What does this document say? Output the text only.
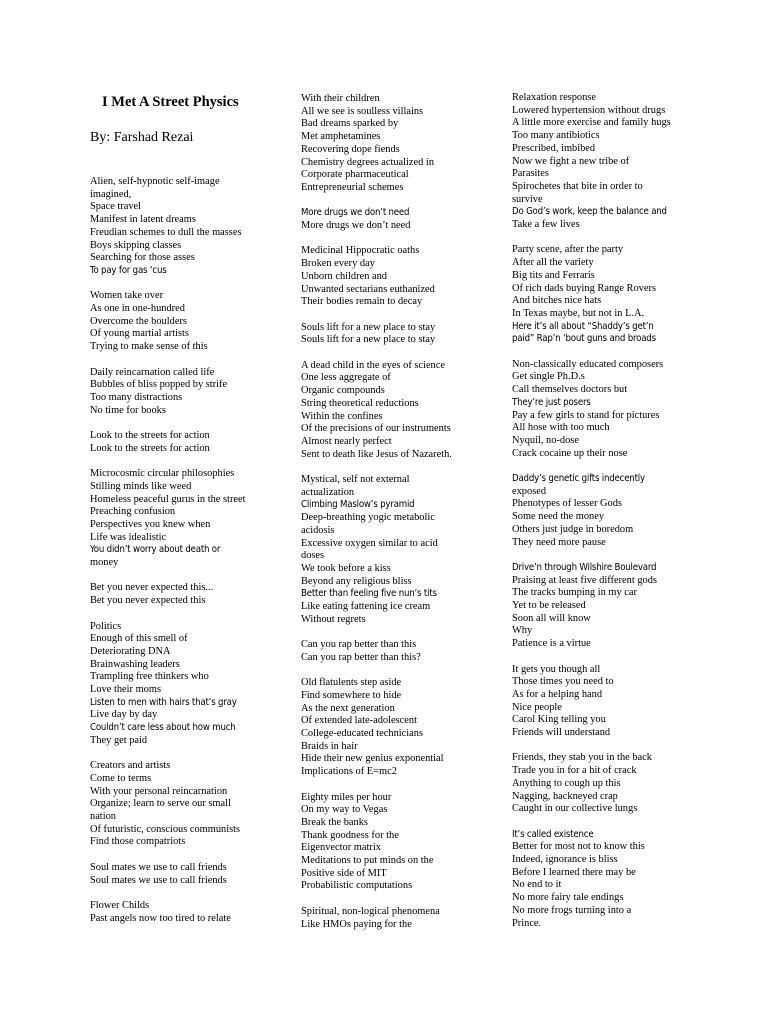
I Met A Street Physics
By: Farshad Rezai
Alien, self-hypnotic self-image
imagined,
Space travel
Manifest in latent dreams
Freudian schemes to dull the masses
Boys skipping classes
Searching for those asses
To pay for gas ‘cus
Women take over
As one in one-hundred
Overcome the boulders
Of young martial artists
Trying to make sense of this
Daily reincarnation called life
Bubbles of bliss popped by strife
Too many distractions
No time for books
Look to the streets for action
Look to the streets for action
Microcosmic circular philosophies
Stilling minds like weed
Homeless peaceful gurus in the street
Preaching confusion
Perspectives you knew when
Life was idealistic
You didn’t worry about death or
money
Bet you never expected this...
Bet you never expected this
Politics
Enough of this smell of
Deteriorating DNA
Brainwashing leaders
Trampling free thinkers who
Love their moms
Listen to men with hairs that’s gray
Live day by day
Couldn’t care less about how much
They get paid
Creators and artists
Come to terms
With your personal reincarnation
Organize; learn to serve our small
nation
Of futuristic, conscious communists
Find those compatriots
Soul mates we use to call friends
Soul mates we use to call friends
Flower Childs
Past angels now too tired to relate
With their children
All we see is soulless villains
Bad dreams sparked by
Met amphetamines
Recovering dope fiends
Chemistry degrees actualized in
Corporate pharmaceutical
Entrepreneurial schemes
More drugs we don’t need
More drugs we don’t need
Medicinal Hippocratic oaths
Broken every day
Unborn children and
Unwanted sectarians euthanized
Their bodies remain to decay
Souls lift for a new place to stay
Souls lift for a new place to stay
A dead child in the eyes of science
One less aggregate of
Organic compounds
String theoretical reductions
Within the confines
Of the precisions of our instruments
Almost nearly perfect
Sent to death like Jesus of Nazareth.
Mystical, self not external
actualization
Climbing Maslow’s pyramid
Deep-breathing yogic metabolic
acidosis
Excessive oxygen similar to acid
doses
We took before a kiss
Beyond any religious bliss
Better than feeling five nun’s tits
Like eating fattening ice cream
Without regrets
Can you rap better than this
Can you rap better than this?
Old flatulents step aside
Find somewhere to hide
As the next generation
Of extended late-adolescent
College-educated technicians
Braids in hair
Hide their new genius exponential
Implications of E=mc2
Eighty miles per hour
On my way to Vegas
Break the banks
Thank goodness for the
Eigenvector matrix
Meditations to put minds on the
Positive side of MIT
Probabilistic computations
Spiritual, non-logical phenomena
Like HMOs paying for the
Relaxation response
Lowered hypertension without drugs
A little more exercise and family hugs
Too many antibiotics
Prescribed, imbibed
Now we fight a new tribe of
Parasites
Spirochetes that bite in order to
survive
Do God’s work, keep the balance and
Take a few lives
Party scene, after the party
After all the variety
Big tits and Ferraris
Of rich dads buying Range Rovers
And bitches nice hats
In Texas maybe, but not in L.A.
Here it’s all about “Shaddy’s get’n
paid” Rap’n ‘bout guns and broads
Non-classically educated composers
Get single Ph.D.s
Call themselves doctors but
They’re just posers
Pay a few girls to stand for pictures
All hose with too much
Nyquil, no-dose
Crack cocaine up their nose
Daddy’s genetic gifts indecently
exposed
Phenotypes of lesser Gods
Some need the money
Others just judge in boredom
They need more pause
Drive’n through Wilshire Boulevard
Praising at least five different gods
The tracks bumping in my car
Yet to be released
Soon all will know
Why
Patience is a virtue
It gets you though all
Those times you need to
As for a helping hand
Nice people
Carol King telling you
Friends will understand
Friends, they stab you in the back
Trade you in for a hit of crack
Anything to cough up this
Nagging, hackneyed crap
Caught in our collective lungs
It’s called existence
Better for most not to know this
Indeed, ignorance is bliss
Before I learned there may be
No end to it
No more fairy tale endings
No more frogs turning into a
Prince.
